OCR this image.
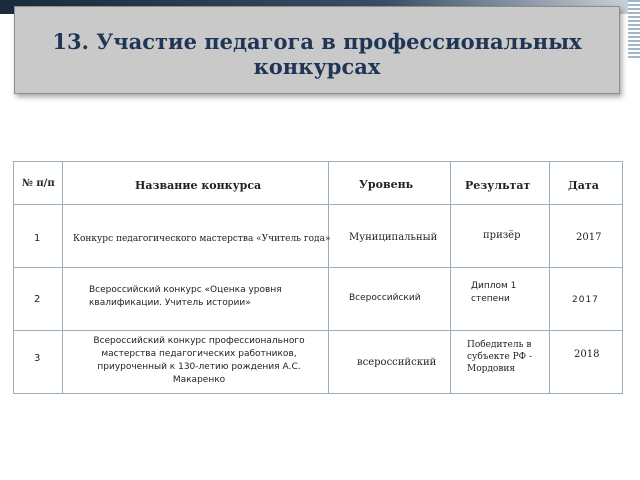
13. Участие педагога в профессиональных конкурсах
№ п/п	Название конкурса	Уровень	Результат	Дата

1	Конкурс педагогического мастерства «Учитель года»	Муниципальный	призёр	2017

2	Всероссийский конкурс «Оценка уровня квалификации. Учитель истории»	Всероссийский	Диплом 1 степени	2017

3	Всероссийский конкурс профессионального мастерства педагогических работников, приуроченный к 130-летию рождения А.С. Макаренко	всероссийский	Победитель в субъекте РФ - Мордовия	2018
